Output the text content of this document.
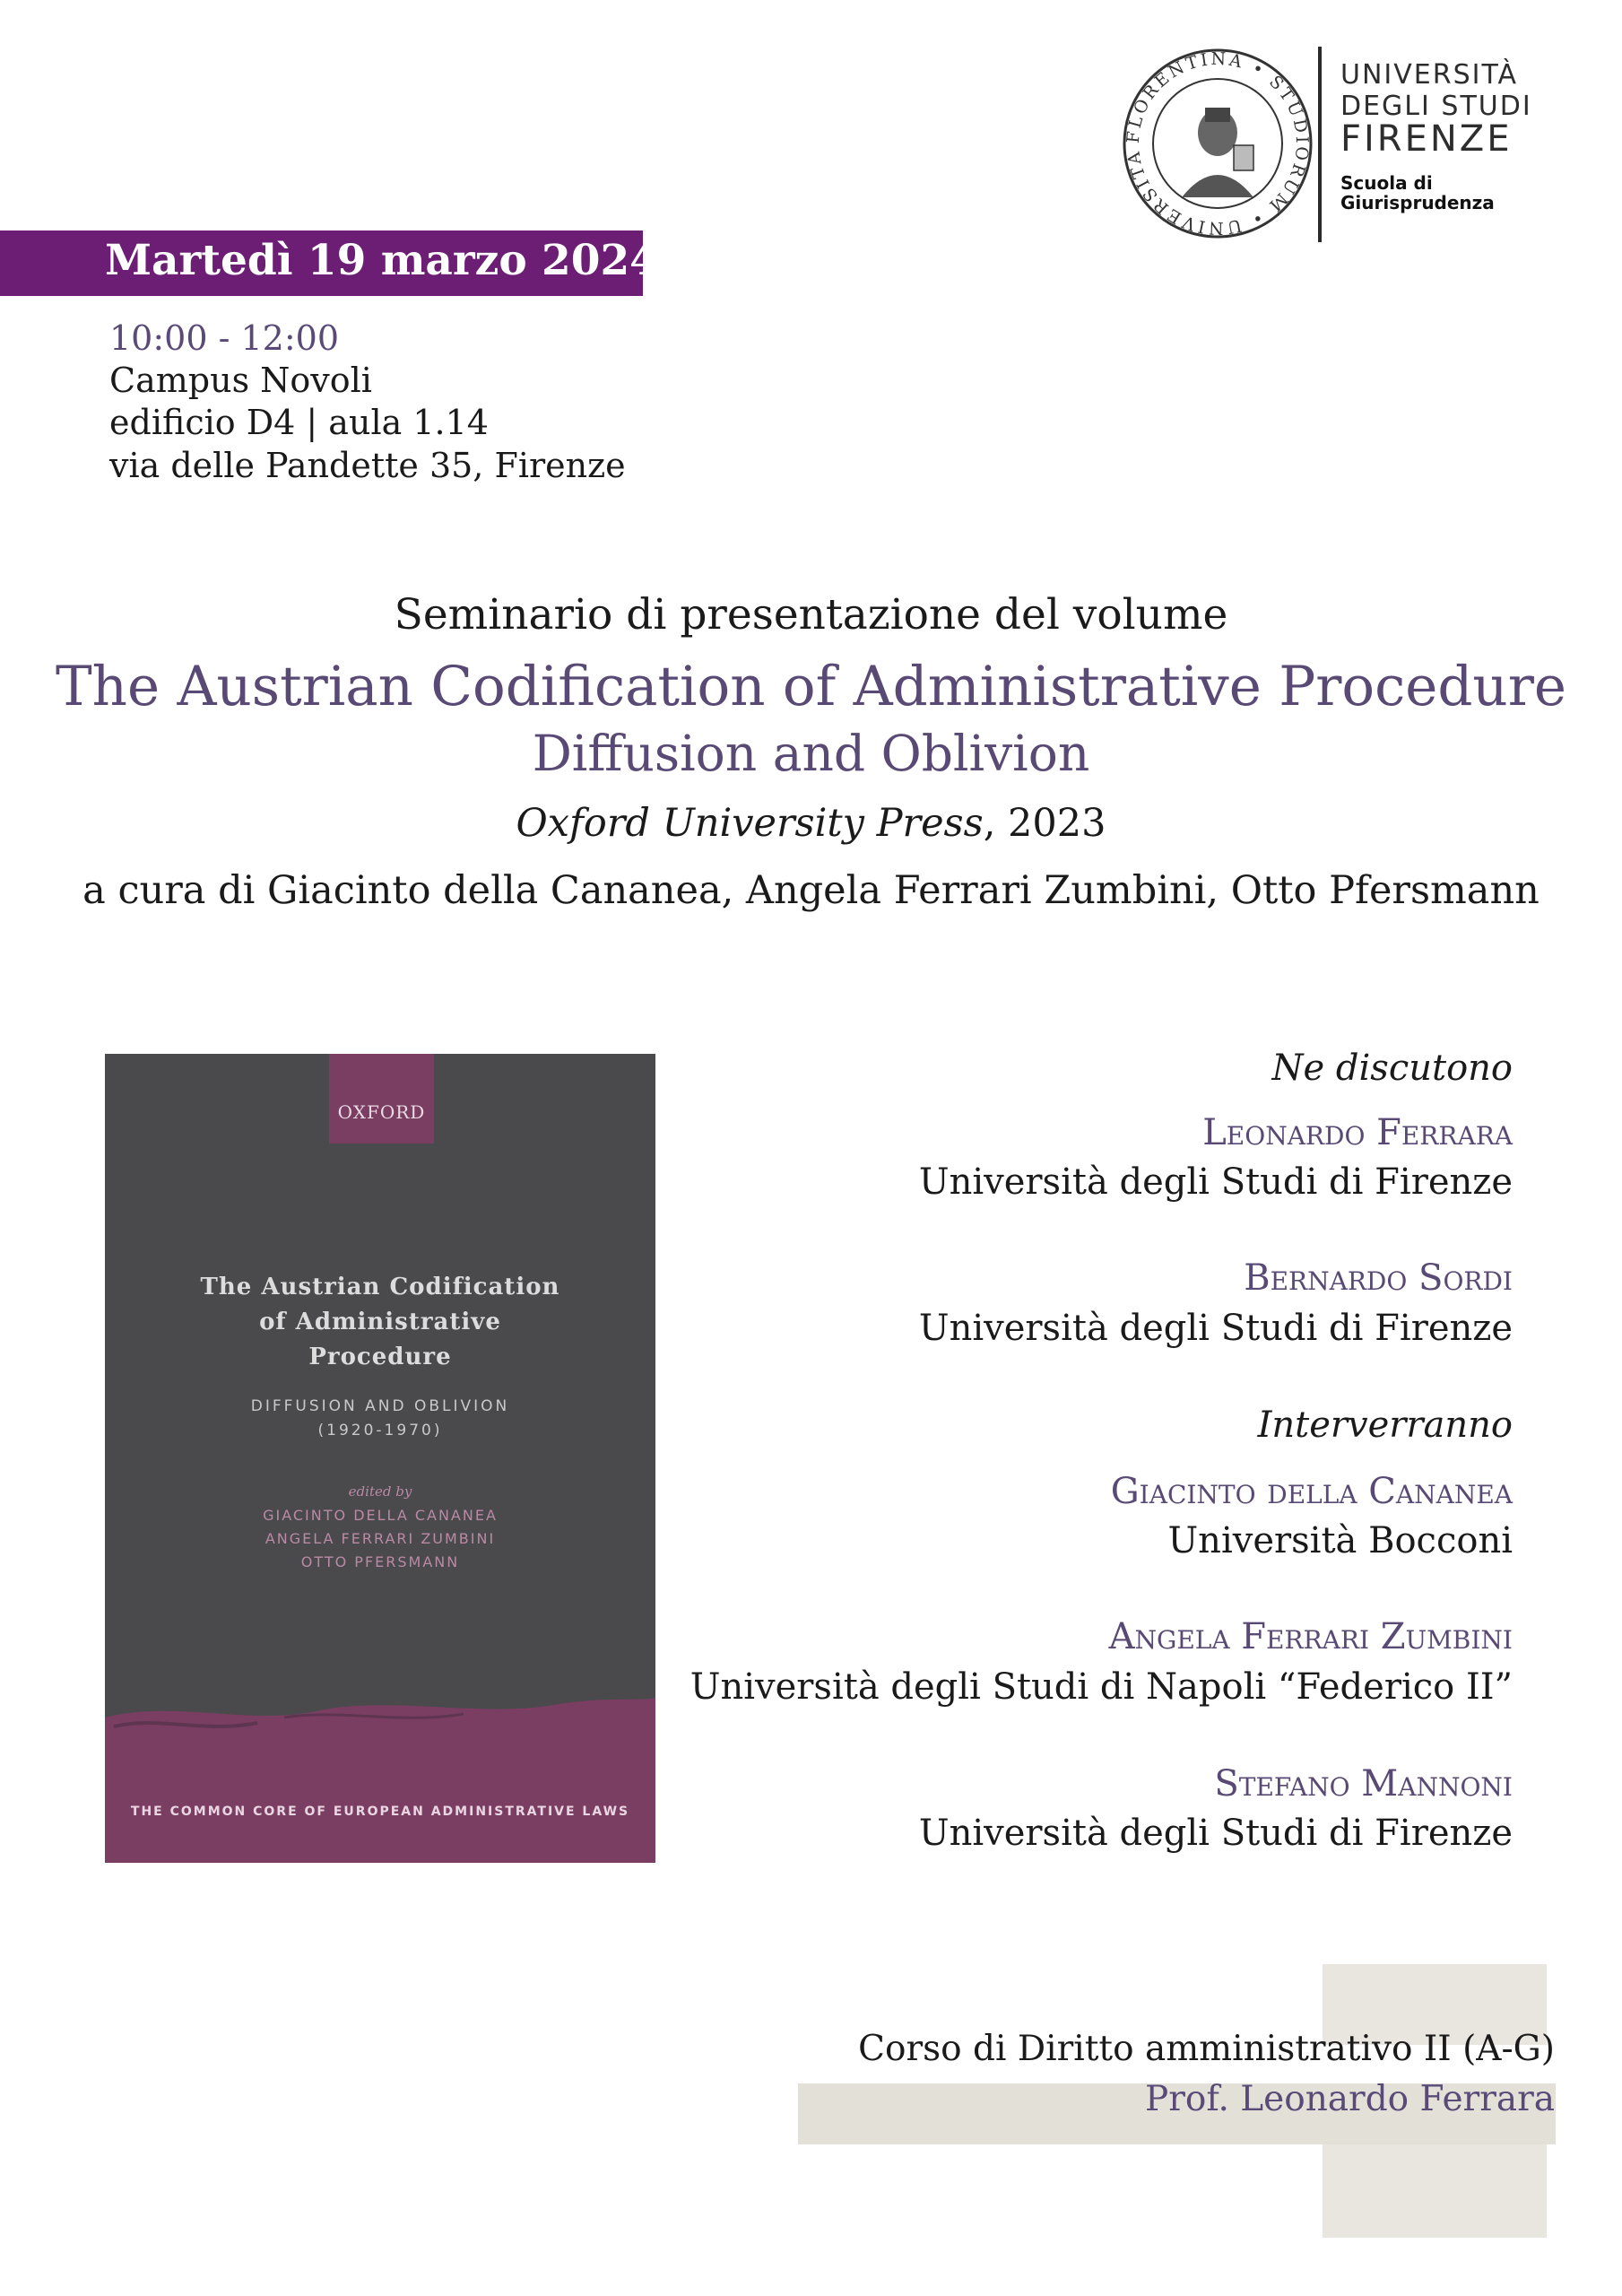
FLORENTINA • STUDIORUM • UNIVERSITA
UNIVERSITÀ
DEGLI STUDI
FIRENZE
Scuola di
Giurisprudenza
Martedì 19 marzo 2024
10:00 - 12:00
Campus Novoli
edificio D4 | aula 1.14
via delle Pandette 35, Firenze
Seminario di presentazione del volume
The Austrian Codification of Administrative Procedure
Diffusion and Oblivion
Oxford University Press, 2023
a cura di Giacinto della Cananea, Angela Ferrari Zumbini, Otto Pfersmann
OXFORD
The Austrian Codification
of Administrative
Procedure
DIFFUSION AND OBLIVION
(1920-1970)
edited by
GIACINTO DELLA CANANEA
ANGELA FERRARI ZUMBINI
OTTO PFERSMANN
THE COMMON CORE OF EUROPEAN ADMINISTRATIVE LAWS
Ne discutono
Leonardo Ferrara
Università degli Studi di Firenze
Bernardo Sordi
Università degli Studi di Firenze
Interverranno
Giacinto della Cananea
Università Bocconi
Angela Ferrari Zumbini
Università degli Studi di Napoli “Federico II”
Stefano Mannoni
Università degli Studi di Firenze
Corso di Diritto amministrativo II (A-G)
Prof. Leonardo Ferrara
